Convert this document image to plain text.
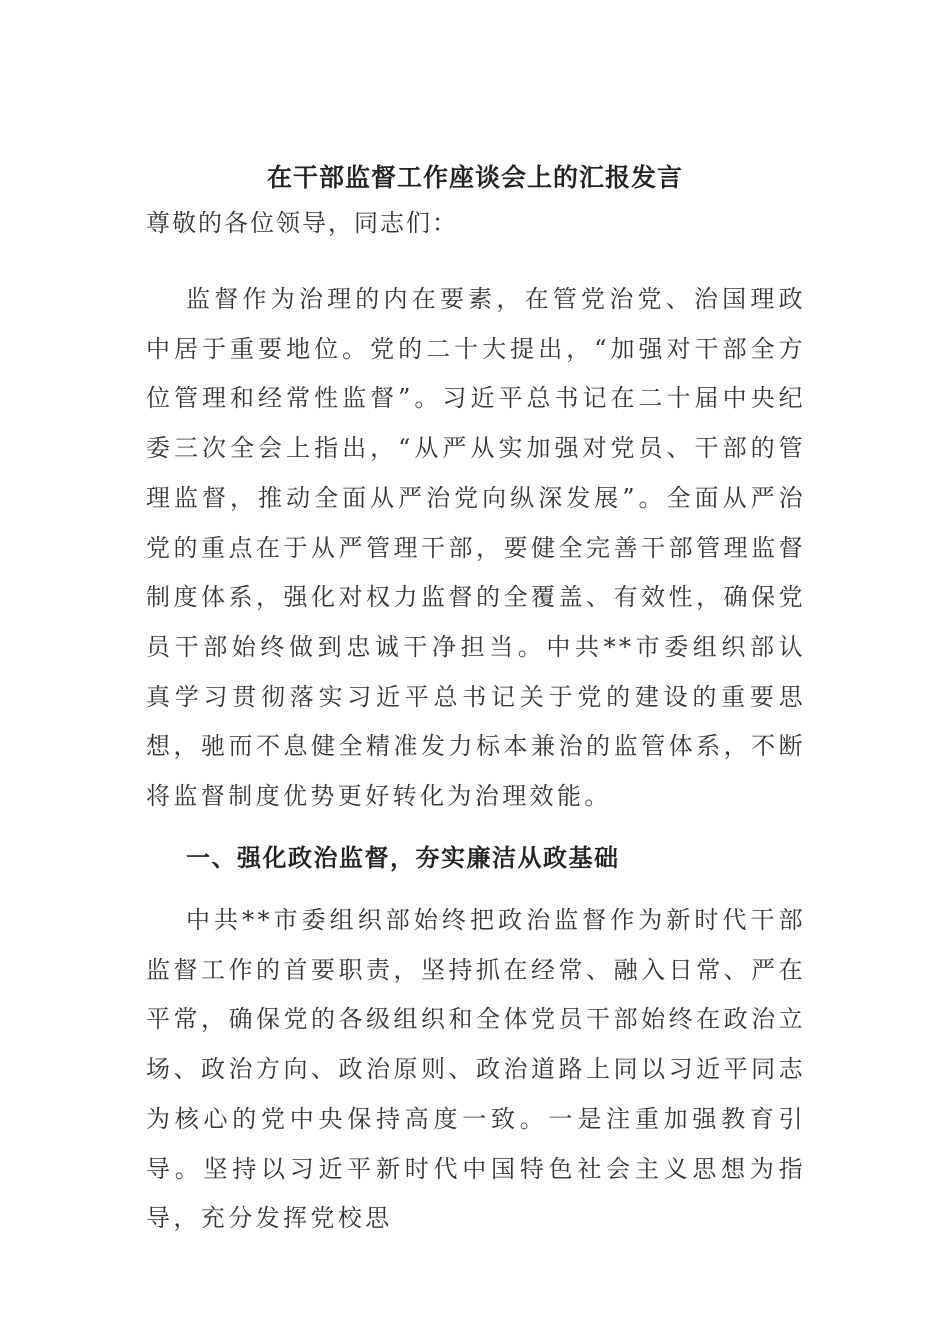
在干部监督工作座谈会上的汇报发言
尊敬的各位领导，同志们：
监督作为治理的内在要素，在管党治党、治国理政中居于重要地位。党的二十大提出，“加强对干部全方位管理和经常性监督”。习近平总书记在二十届中央纪委三次全会上指出，“从严从实加强对党员、干部的管理监督，推动全面从严治党向纵深发展”。全面从严治党的重点在于从严管理干部，要健全完善干部管理监督制度体系，强化对权力监督的全覆盖、有效性，确保党员干部始终做到忠诚干净担当。中共**市委组织部认真学习贯彻落实习近平总书记关于党的建设的重要思想，驰而不息健全精准发力标本兼治的监管体系，不断将监督制度优势更好转化为治理效能。
一、强化政治监督，夯实廉洁从政基础
中共**市委组织部始终把政治监督作为新时代干部监督工作的首要职责，坚持抓在经常、融入日常、严在平常，确保党的各级组织和全体党员干部始终在政治立场、政治方向、政治原则、政治道路上同以习近平同志为核心的党中央保持高度一致。一是注重加强教育引导。坚持以习近平新时代中国特色社会主义思想为指导，充分发挥党校思
